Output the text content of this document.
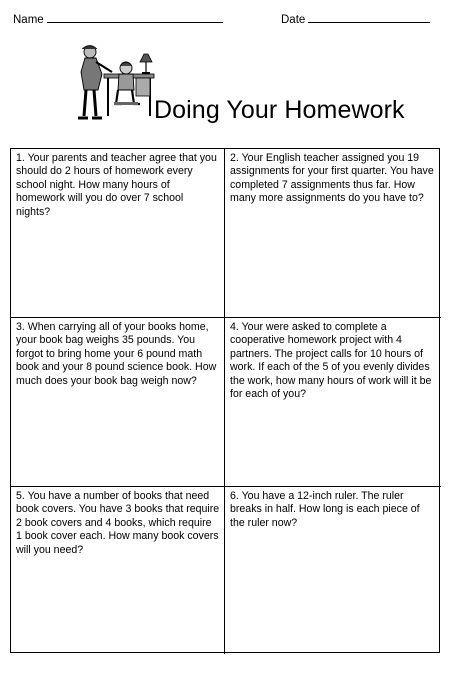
Name	Date
Doing Your Homework
1. Your parents and teacher agree that you should do 2 hours of homework every school night. How many hours of homework will you do over 7 school nights?
2. Your English teacher assigned you 19 assignments for your first quarter. You have completed 7 assignments thus far. How many more assignments do you have to?
3. When carrying all of your books home, your book bag weighs 35 pounds. You forgot to bring home your 6 pound math book and your 8 pound science book. How much does your book bag weigh now?
4. Your were asked to complete a cooperative homework project with 4 partners. The project calls for 10 hours of work. If each of the 5 of you evenly divides the work, how many hours of work will it be for each of you?
5. You have a number of books that need book covers. You have 3 books that require 2 book covers and 4 books, which require 1 book cover each. How many book covers will you need?
6. You have a 12-inch ruler. The ruler breaks in half. How long is each piece of the ruler now?
